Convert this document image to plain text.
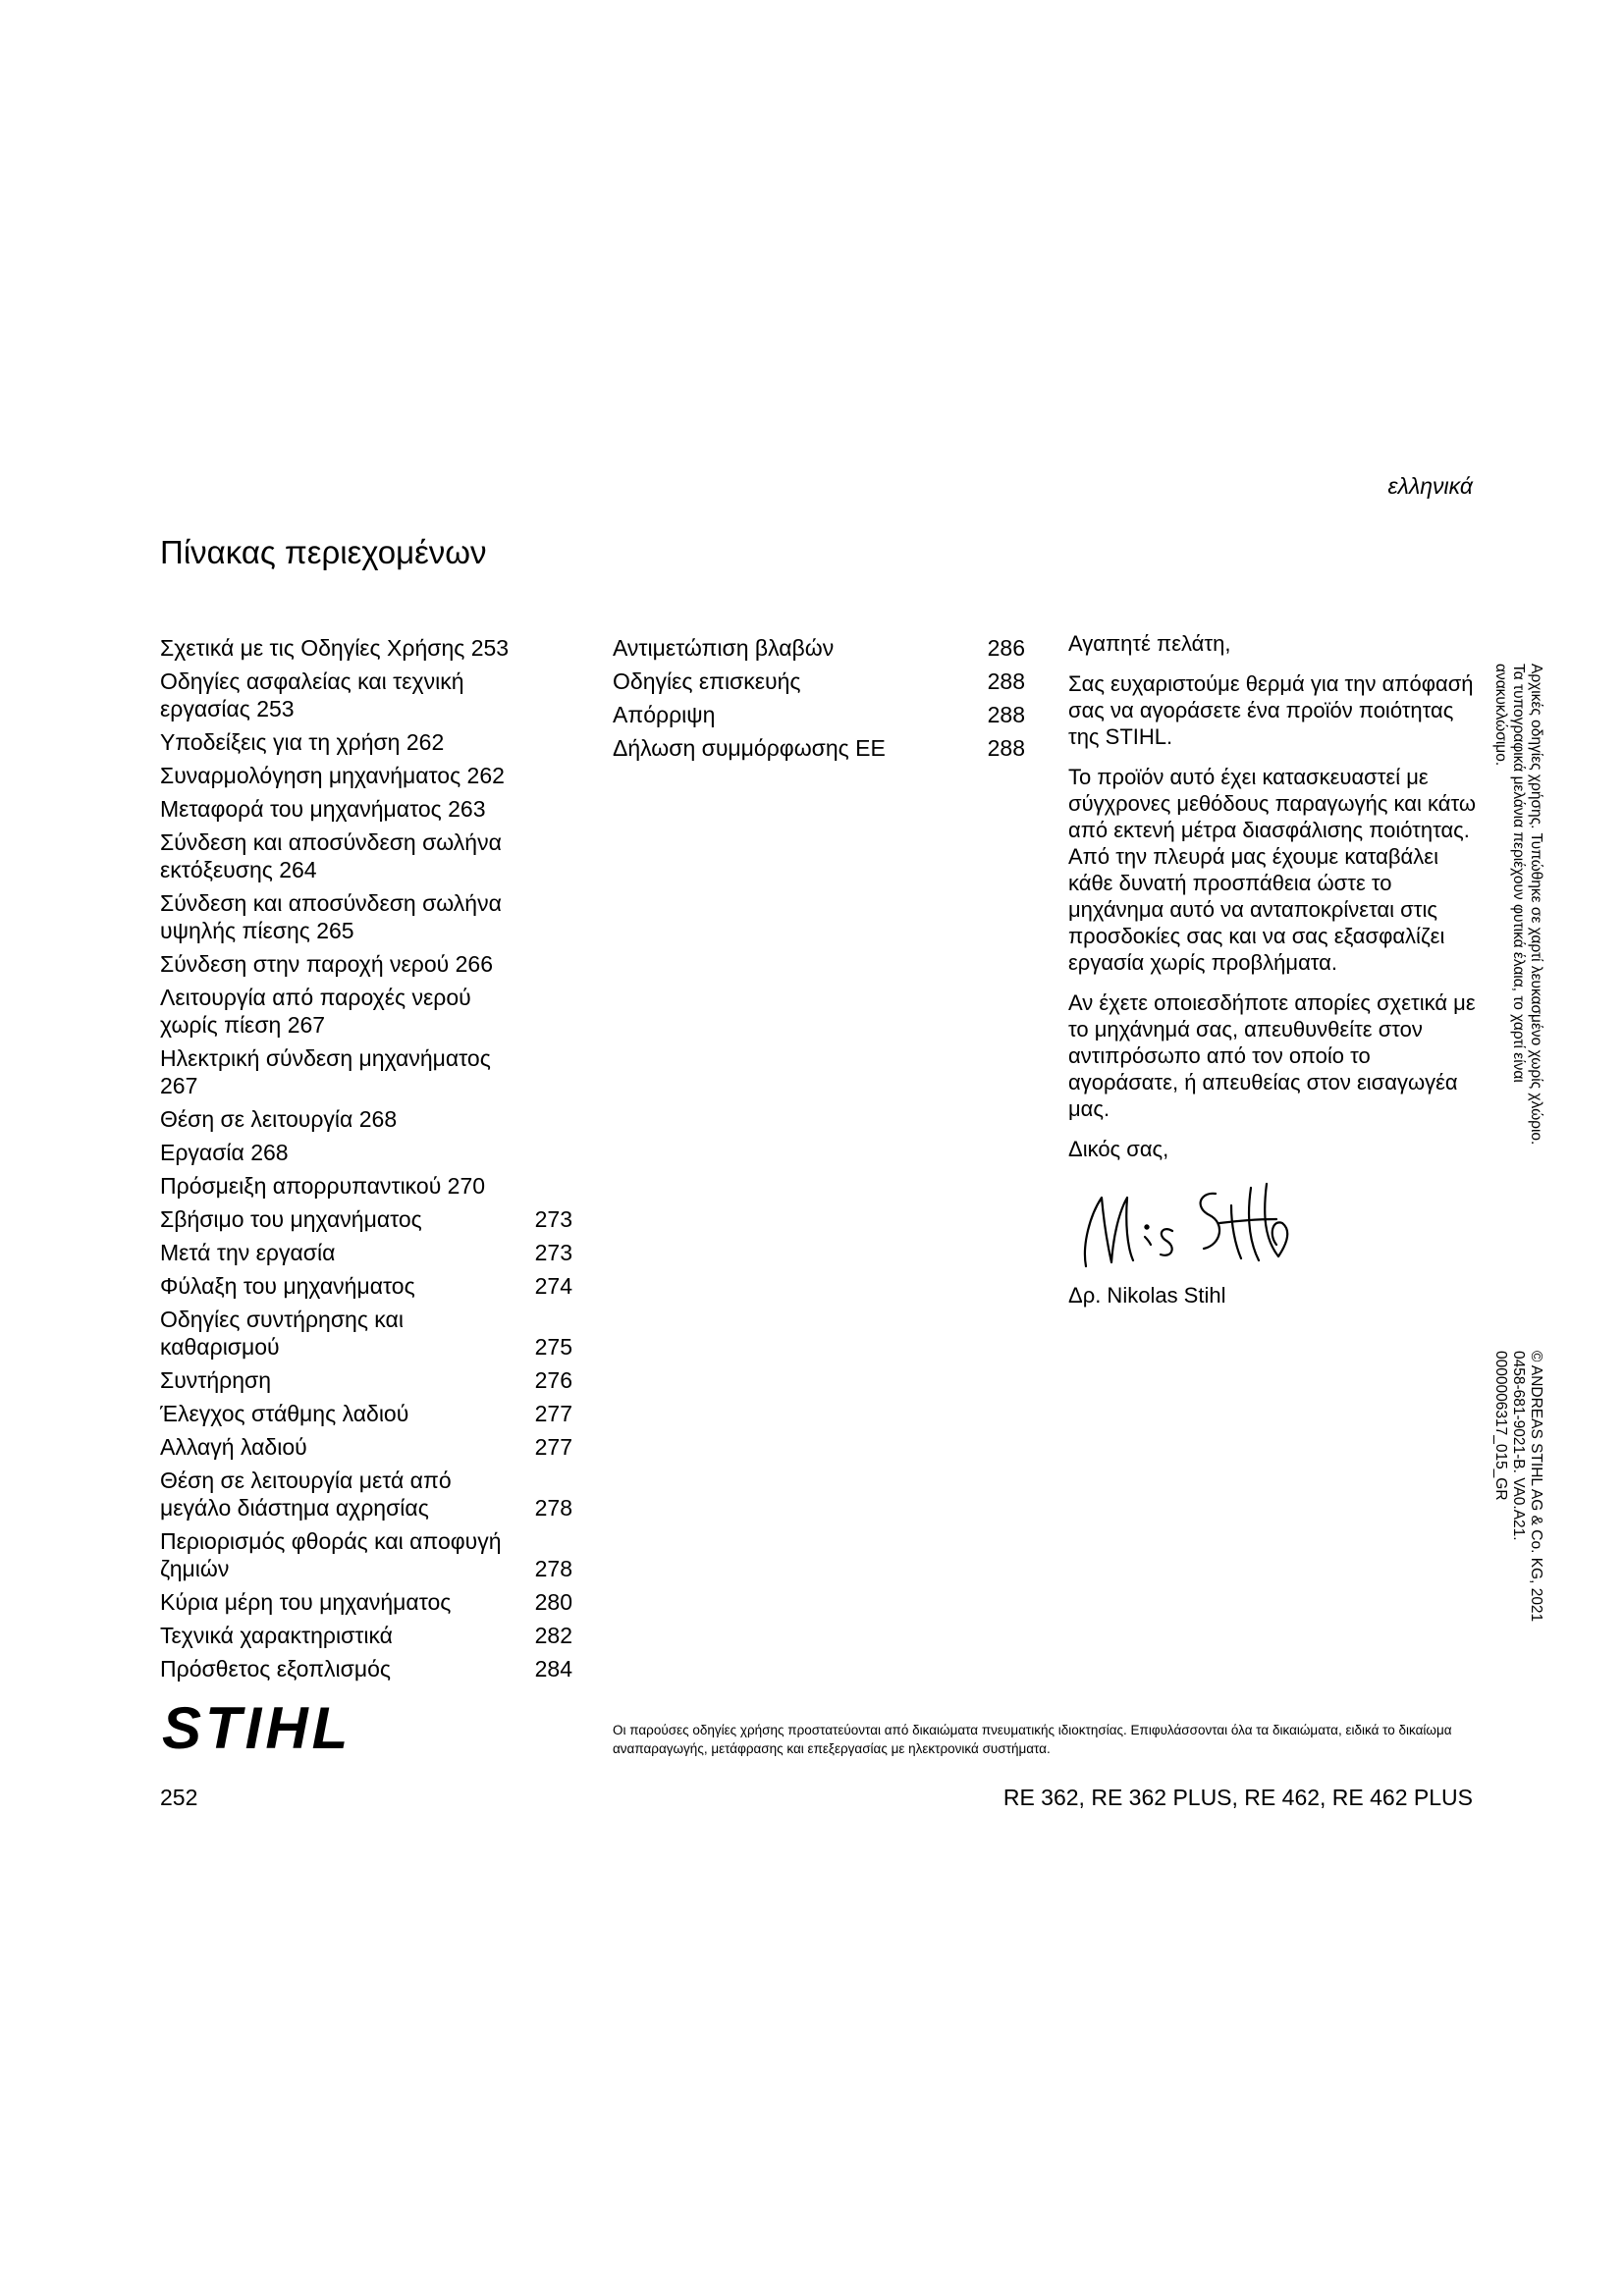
ελληνικά
Πίνακας περιεχομένων
Σχετικά με τις Οδηγίες Χρήσης 253
Οδηγίες ασφαλείας και τεχνική εργασίας 253
Υποδείξεις για τη χρήση 262
Συναρμολόγηση μηχανήματος 262
Μεταφορά του μηχανήματος 263
Σύνδεση και αποσύνδεση σωλήνα εκτόξευσης 264
Σύνδεση και αποσύνδεση σωλήνα υψηλής πίεσης 265
Σύνδεση στην παροχή νερού 266
Λειτουργία από παροχές νερού χωρίς πίεση 267
Ηλεκτρική σύνδεση μηχανήματος 267
Θέση σε λειτουργία 268
Εργασία 268
Πρόσμειξη απορρυπαντικού 270
Σβήσιμο του μηχανήματος	273
Μετά την εργασία	273
Φύλαξη του μηχανήματος	274
Οδηγίες συντήρησης και καθαρισμού	275
Συντήρηση	276
Έλεγχος στάθμης λαδιού	277
Αλλαγή λαδιού	277
Θέση σε λειτουργία μετά από μεγάλο διάστημα αχρησίας	278
Περιορισμός φθοράς και αποφυγή ζημιών	278
Κύρια μέρη του μηχανήματος	280
Τεχνικά χαρακτηριστικά	282
Πρόσθετος εξοπλισμός	284
Αντιμετώπιση βλαβών	286
Οδηγίες επισκευής	288
Απόρριψη	288
Δήλωση συμμόρφωσης ΕΕ	288

Αγαπητέ πελάτη,

Σας ευχαριστούμε θερμά για την απόφασή σας να αγοράσετε ένα προϊόν ποιότητας της STIHL.

Το προϊόν αυτό έχει κατασκευαστεί με σύγχρονες μεθόδους παραγωγής και κάτω από εκτενή μέτρα διασφάλισης ποιότητας. Από την πλευρά μας έχουμε καταβάλει κάθε δυνατή προσπάθεια ώστε το μηχάνημα αυτό να ανταποκρίνεται στις προσδοκίες σας και να σας εξασφαλίζει εργασία χωρίς προβλήματα.

Αν έχετε οποιεσδήποτε απορίες σχετικά με το μηχάνημά σας, απευθυνθείτε στον αντιπρόσωπο από τον οποίο το αγοράσατε, ή απευθείας στον εισαγωγέα μας.

Δικός σας,

Δρ. Nikolas Stihl

Αρχικές οδηγίες χρήσης. Τυπώθηκε σε χαρτί λευκασμένο χωρίς χλώριο.
Τα τυπογραφικά μελάνια περιέχουν φυτικά έλαια, το χαρτί είναι
ανακυκλώσιμο.
© ANDREAS STIHL AG & Co. KG, 2021
0458-681-9021-B. VA0.A21.
0000006317_015_GR
STIHL	Οι παρούσες οδηγίες χρήσης προστατεύονται από δικαιώματα πνευματικής ιδιοκτησίας. Επιφυλάσσονται όλα τα δικαιώματα, ειδικά το δικαίωμα αναπαραγωγής, μετάφρασης και επεξεργασίας με ηλεκτρονικά συστήματα.
252	RE 362, RE 362 PLUS, RE 462, RE 462 PLUS
